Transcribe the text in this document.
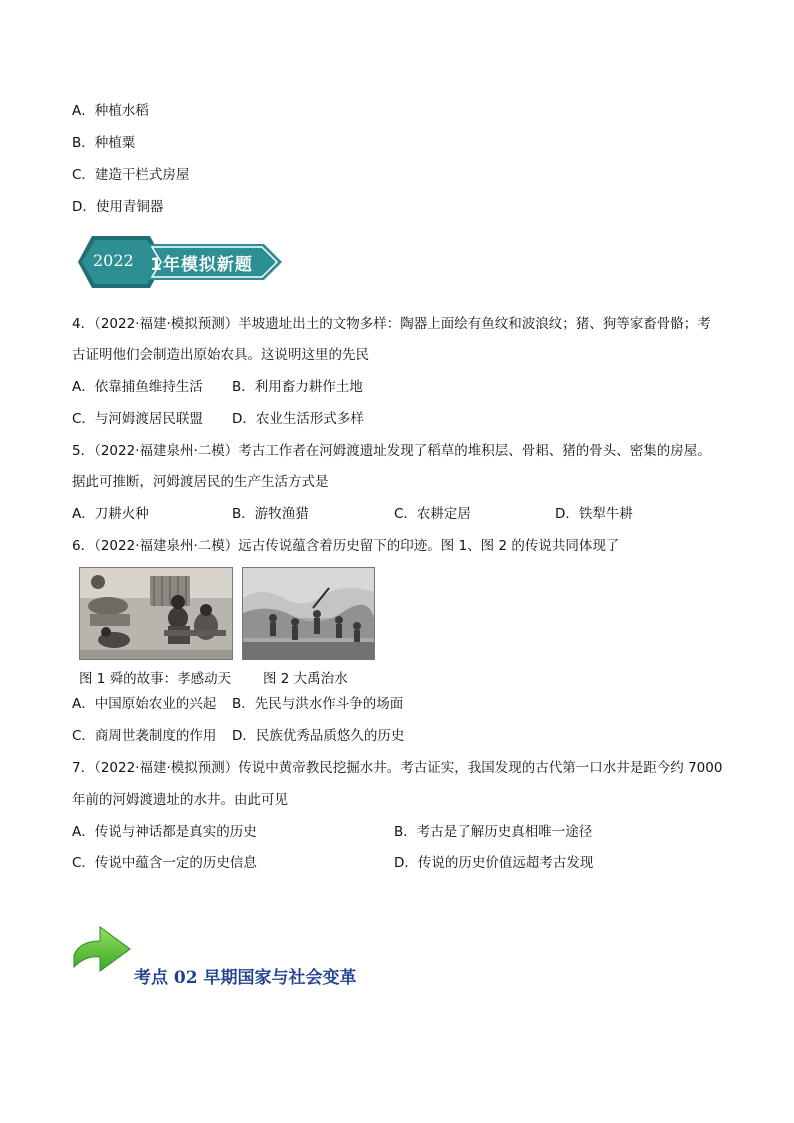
A．种植水稻
B．种植粟
C．建造干栏式房屋
D．使用青铜器
2022 1年模拟新题
4．（2022·福建·模拟预测）半坡遗址出土的文物多样：陶器上面绘有鱼纹和波浪纹；猪、狗等家畜骨骼；考
古证明他们会制造出原始农具。这说明这里的先民
A．依靠捕鱼维持生活 B．利用畜力耕作土地
C．与河姆渡居民联盟 D．农业生活形式多样
5．（2022·福建泉州·二模）考古工作者在河姆渡遗址发现了稻草的堆积层、骨耜、猪的骨头、密集的房屋。
据此可推断，河姆渡居民的生产生活方式是
A．刀耕火种	B．游牧渔猎	C．农耕定居	D．铁犁牛耕
6．（2022·福建泉州·二模）远古传说蕴含着历史留下的印迹。图 1、图 2 的传说共同体现了
图 1 舜的故事：孝感动天 图 2 大禹治水
A．中国原始农业的兴起 B．先民与洪水作斗争的场面
C．商周世袭制度的作用 D．民族优秀品质悠久的历史
7．（2022·福建·模拟预测）传说中黄帝教民挖掘水井。考古证实，我国发现的古代第一口水井是距今约 7000
年前的河姆渡遗址的水井。由此可见
A．传说与神话都是真实的历史	B．考古是了解历史真相唯一途径
C．传说中蕴含一定的历史信息	D．传说的历史价值远超考古发现
考点 02 早期国家与社会变革
